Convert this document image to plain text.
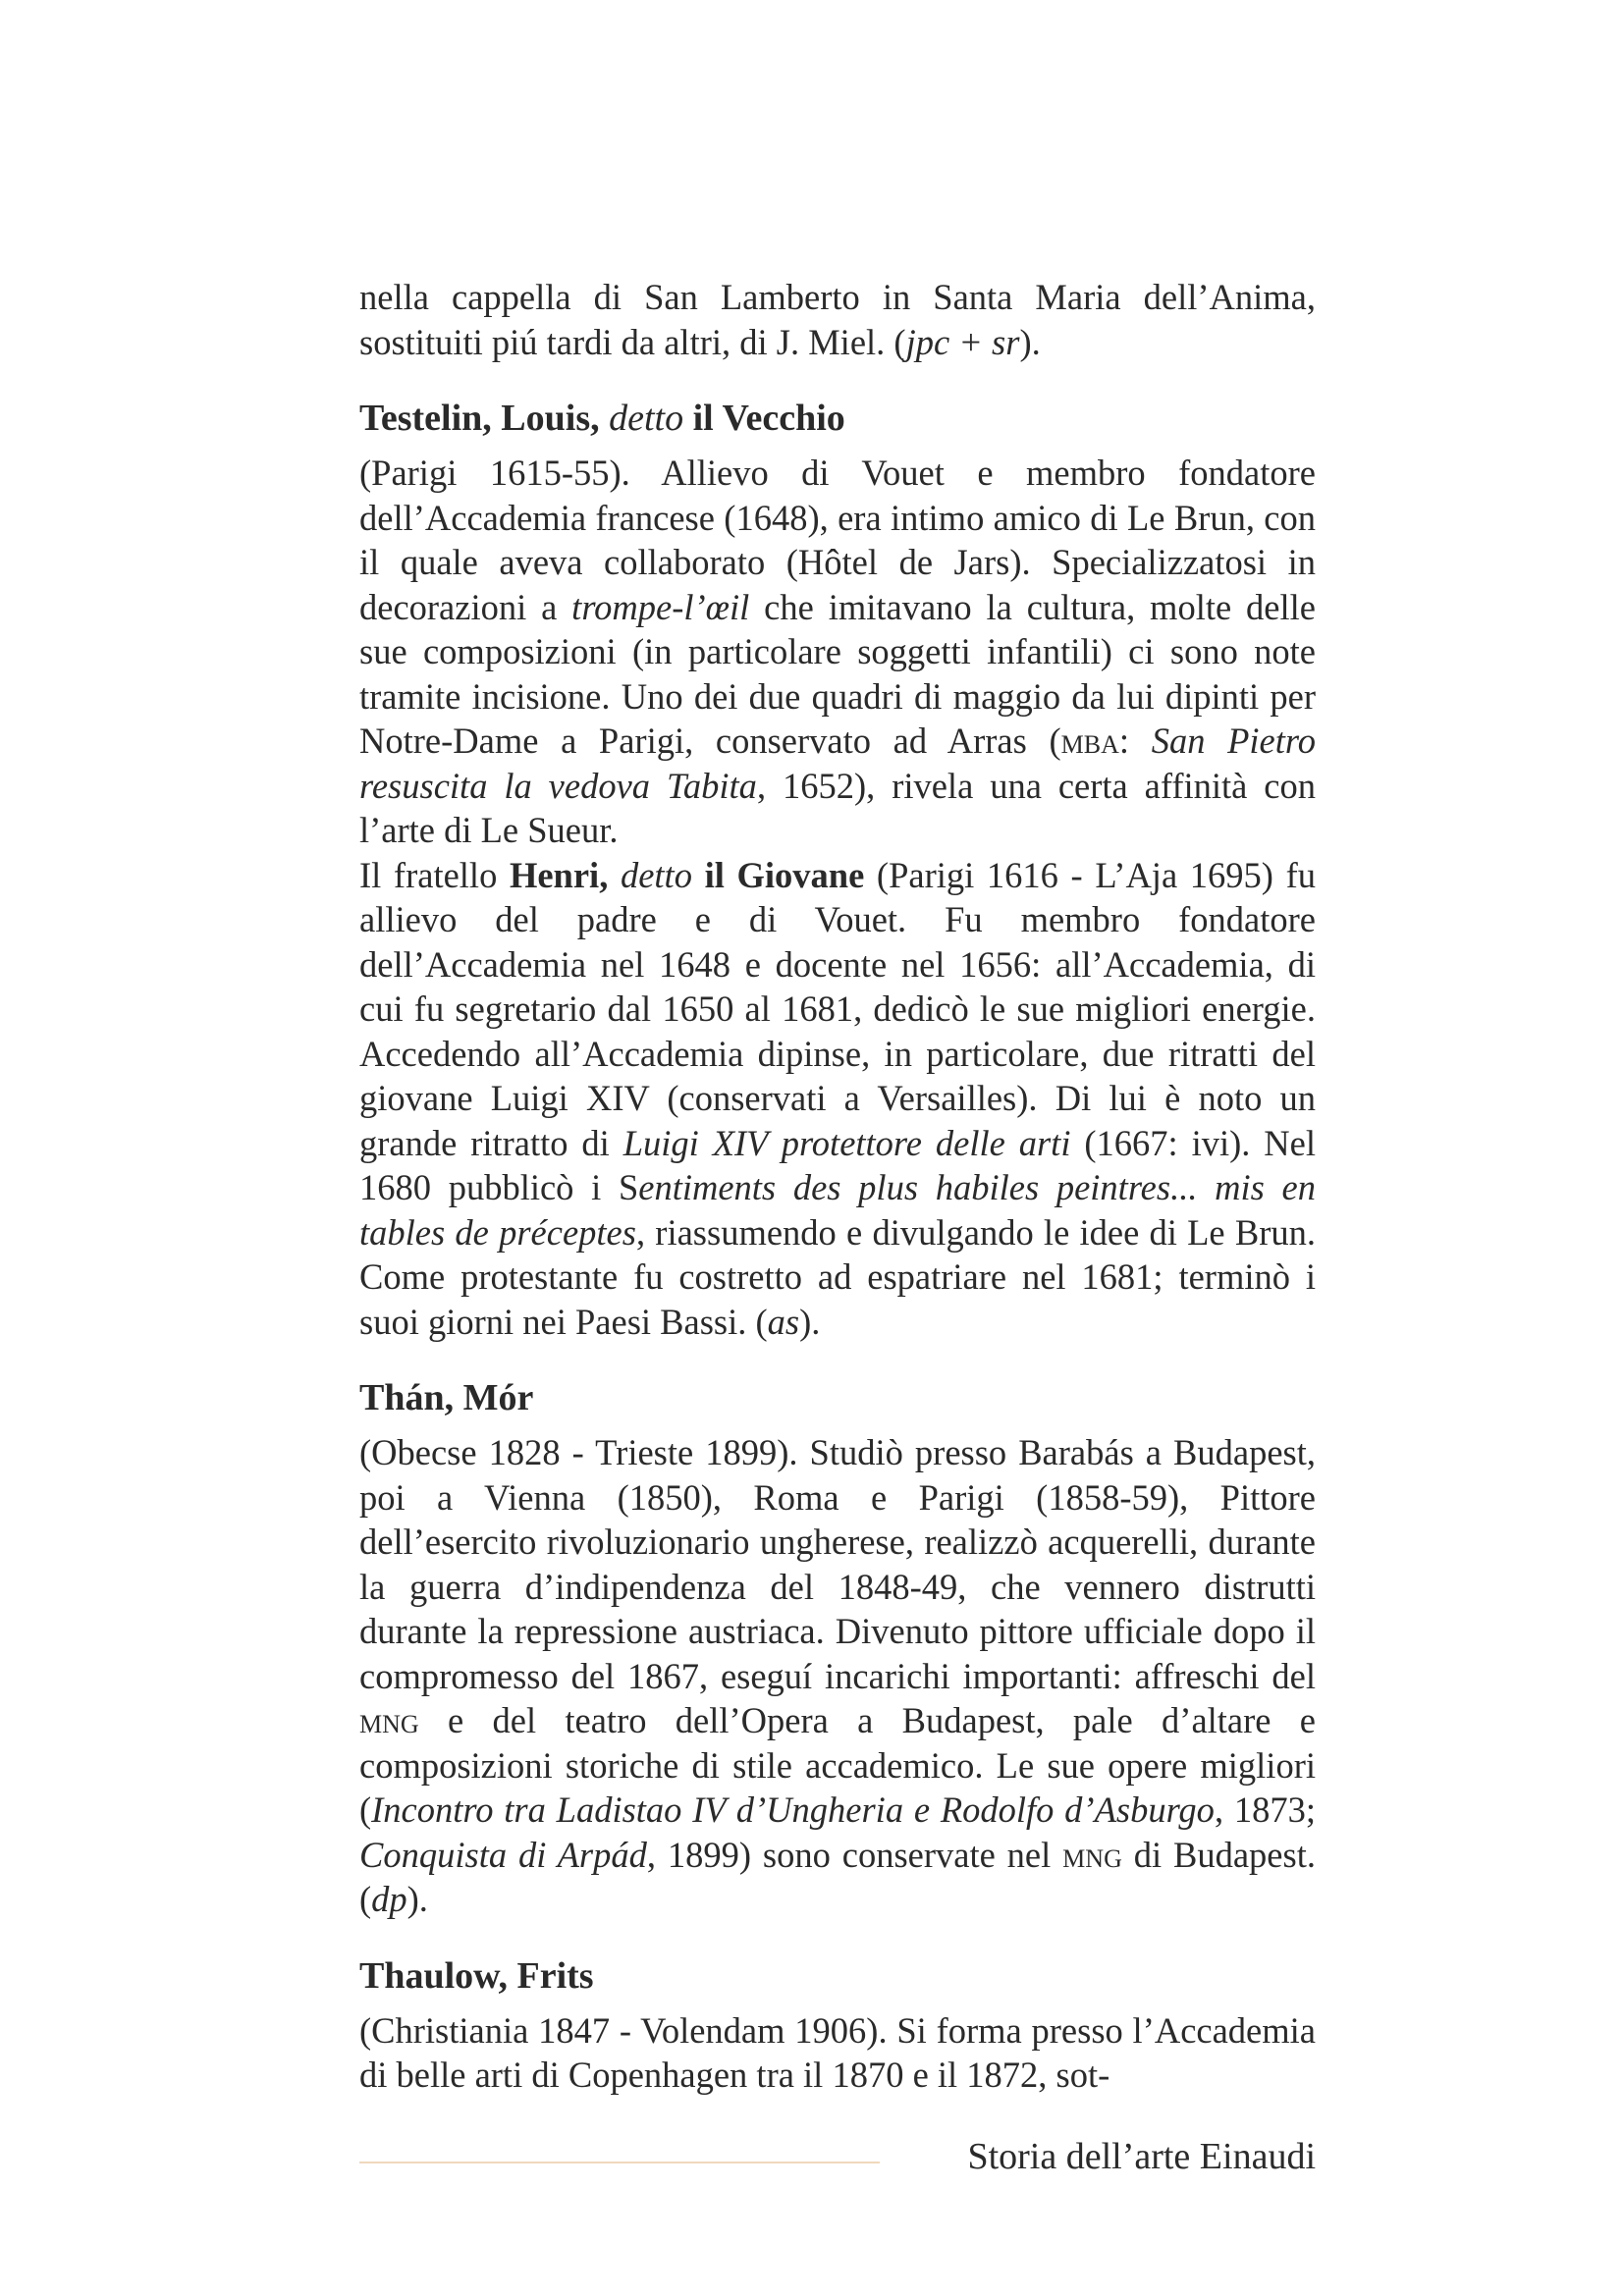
nella cappella di San Lamberto in Santa Maria dell’Anima, sostituiti piú tardi da altri, di J. Miel. (jpc + sr).

Testelin, Louis, detto il Vecchio

(Parigi 1615-55). Allievo di Vouet e membro fondatore dell’Accademia francese (1648), era intimo amico di Le Brun, con il quale aveva collaborato (Hôtel de Jars). Specializzatosi in decorazioni a trompe-l’œil che imitavano la cultura, molte delle sue composizioni (in particolare soggetti infantili) ci sono note tramite incisione. Uno dei due quadri di maggio da lui dipinti per Notre-Dame a Parigi, conservato ad Arras (mba: San Pietro resuscita la vedova Tabita, 1652), rivela una certa affinità con l’arte di Le Sueur.

Il fratello Henri, detto il Giovane (Parigi 1616 - L’Aja 1695) fu allievo del padre e di Vouet. Fu membro fondatore dell’Accademia nel 1648 e docente nel 1656: all’Accademia, di cui fu segretario dal 1650 al 1681, dedicò le sue migliori energie. Accedendo all’Accademia dipinse, in particolare, due ritratti del giovane Luigi XIV (conservati a Versailles). Di lui è noto un grande ritratto di Luigi XIV protettore delle arti (1667: ivi). Nel 1680 pubblicò i Sentiments des plus habiles peintres... mis en tables de préceptes, riassumendo e divulgando le idee di Le Brun. Come protestante fu costretto ad espatriare nel 1681; terminò i suoi giorni nei Paesi Bassi. (as).

Thán, Mór

(Obecse 1828 - Trieste 1899). Studiò presso Barabás a Budapest, poi a Vienna (1850), Roma e Parigi (1858-59), Pittore dell’esercito rivoluzionario ungherese, realizzò acquerelli, durante la guerra d’indipendenza del 1848-49, che vennero distrutti durante la repressione austriaca. Divenuto pittore ufficiale dopo il compromesso del 1867, eseguí incarichi importanti: affreschi del mng e del teatro dell’Opera a Budapest, pale d’altare e composizioni storiche di stile accademico. Le sue opere migliori (Incontro tra Ladistao IV d’Ungheria e Rodolfo d’Asburgo, 1873; Conquista di Arpád, 1899) sono conservate nel mng di Budapest. (dp).

Thaulow, Frits

(Christiania 1847 - Volendam 1906). Si forma presso l’Accademia di belle arti di Copenhagen tra il 1870 e il 1872, sot-

Storia dell’arte Einaudi
